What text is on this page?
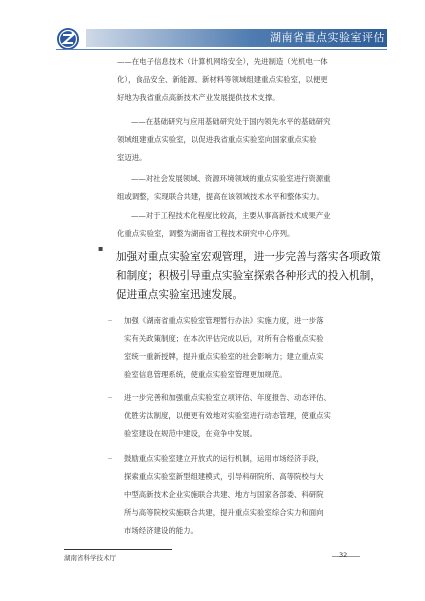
湖南省重点实验室评估

——在电子信息技术（计算机网络安全），先进制造（光机电一体

化），食品安全、新能源、新材料等领域组建重点实验室，以便更

好地为我省重点高新技术产业发展提供技术支撑。

——在基础研究与应用基础研究处于国内领先水平的基础研究

领域组建重点实验室，以促进我省重点实验室向国家重点实验

室迈进。

——对社会发展领域、资源环境领域的重点实验室进行资源重

组或调整，实现联合共建，提高在该领域技术水平和整体实力。

——对于工程技术化程度比较高，主要从事高新技术成果产业

化重点实验室，调整为湖南省工程技术研究中心序列。

▪

加强对重点实验室宏观管理，进一步完善与落实各项政策

和制度；积极引导重点实验室探索各种形式的投入机制，

促进重点实验室迅速发展。

_ 加强《湖南省重点实验室管理暂行办法》实施力度，进一步落

实有关政策制度；在本次评估完成以后，对所有合格重点实验

室统一重新授牌，提升重点实验室的社会影响力；建立重点实

验室信息管理系统，使重点实验室管理更加规范。

_ 进一步完善和加强重点实验室立项评估、年度报告、动态评估、

优胜劣汰制度，以便更有效地对实验室进行动态管理，使重点实

验室建设在规范中建设，在竞争中发展。

_ 鼓励重点实验室建立开放式的运行机制，运用市场经济手段，

探索重点实验室新型组建模式，引导科研院所、高等院校与大

中型高新技术企业实施联合共建、地方与国家各部委、科研院

所与高等院校实施联合共建，提升重点实验室综合实力和面向

市场经济建设的能力。

湖南省科学技术厅	32
